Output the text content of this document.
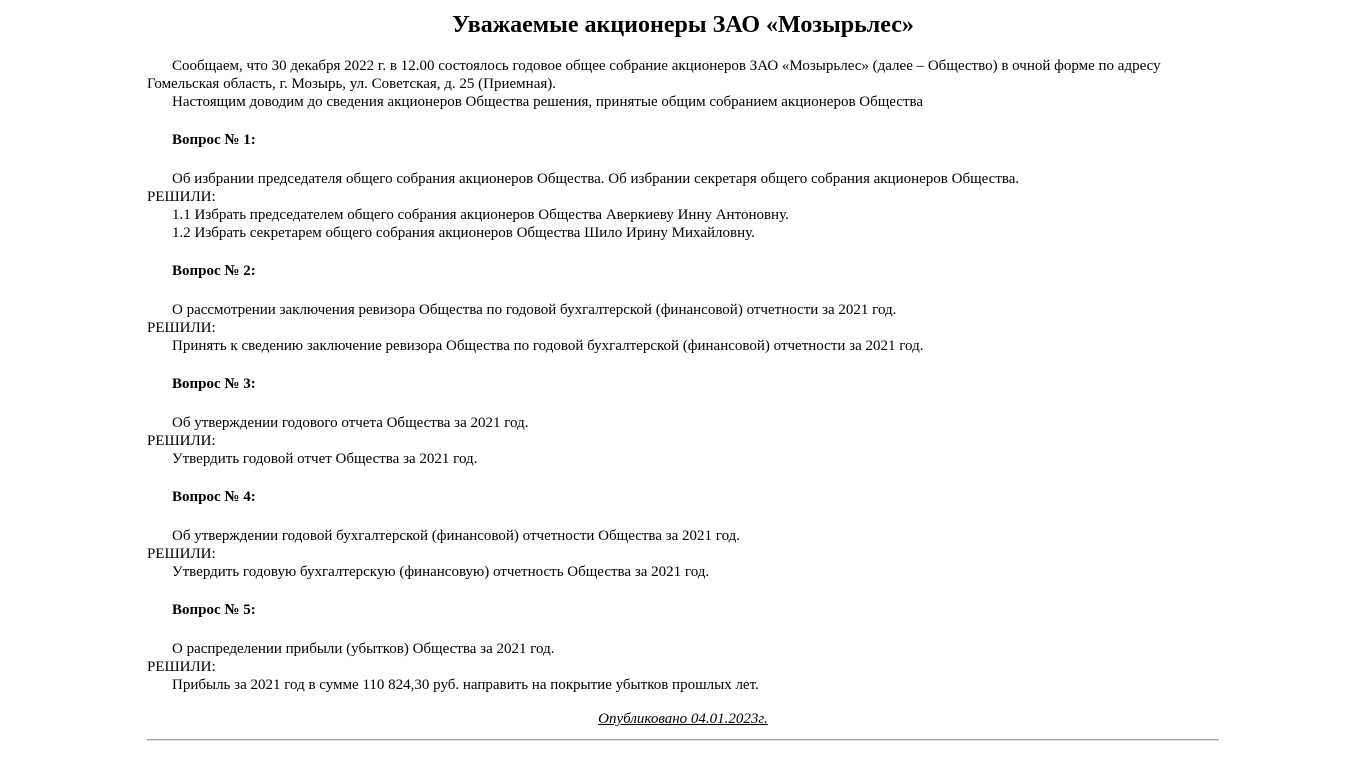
Уважаемые акционеры ЗАО «Мозырьлес»
Сообщаем, что 30 декабря 2022 г. в 12.00 состоялось годовое общее собрание акционеров ЗАО «Мозырьлес» (далее – Общество) в очной форме по адресу Гомельская область, г. Мозырь, ул. Советская, д. 25 (Приемная).
Настоящим доводим до сведения акционеров Общества решения, принятые общим собранием акционеров Общества
Вопрос № 1:
Об избрании председателя общего собрания акционеров Общества. Об избрании секретаря общего собрания акционеров Общества.
РЕШИЛИ:
1.1 Избрать председателем общего собрания акционеров Общества Аверкиеву Инну Антоновну.
1.2 Избрать секретарем общего собрания акционеров Общества Шило Ирину Михайловну.
Вопрос № 2:
О рассмотрении заключения ревизора Общества по годовой бухгалтерской (финансовой) отчетности за 2021 год.
РЕШИЛИ:
Принять к сведению заключение ревизора Общества по годовой бухгалтерской (финансовой) отчетности за 2021 год.
Вопрос № 3:
Об утверждении годового отчета Общества за 2021 год.
РЕШИЛИ:
Утвердить годовой отчет Общества за 2021 год.
Вопрос № 4:
Об утверждении годовой бухгалтерской (финансовой) отчетности Общества за 2021 год.
РЕШИЛИ:
Утвердить годовую бухгалтерскую (финансовую) отчетность Общества за 2021 год.
Вопрос № 5:
О распределении прибыли (убытков) Общества за 2021 год.
РЕШИЛИ:
Прибыль за 2021 год в сумме 110 824,30 руб. направить на покрытие убытков прошлых лет.
Опубликовано 04.01.2023г.
